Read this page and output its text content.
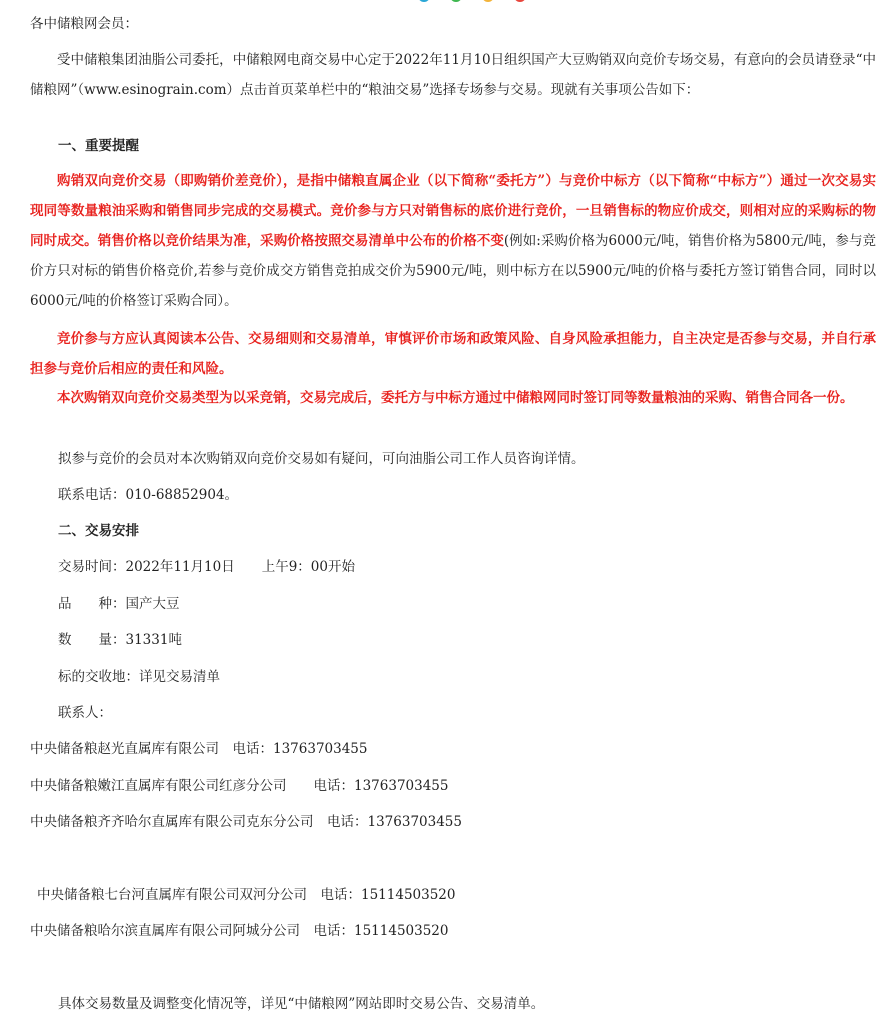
各中储粮网会员：

受中储粮集团油脂公司委托，中储粮网电商交易中心定于2022年11月10日组织国产大豆购销双向竞价专场交易，有意向的会员请登录“中储粮网”（www.esinograin.com）点击首页菜单栏中的“粮油交易”选择专场参与交易。现就有关事项公告如下：

一、重要提醒

购销双向竞价交易（即购销价差竞价），是指中储粮直属企业（以下简称“委托方”）与竞价中标方（以下简称“中标方”）通过一次交易实现同等数量粮油采购和销售同步完成的交易模式。竞价参与方只对销售标的底价进行竞价，一旦销售标的物应价成交，则相对应的采购标的物同时成交。销售价格以竞价结果为准，采购价格按照交易清单中公布的价格不变(例如:采购价格为6000元/吨，销售价格为5800元/吨，参与竞价方只对标的销售价格竞价,若参与竞价成交方销售竞拍成交价为5900元/吨，则中标方在以5900元/吨的价格与委托方签订销售合同，同时以6000元/吨的价格签订采购合同）。

竞价参与方应认真阅读本公告、交易细则和交易清单，审慎评价市场和政策风险、自身风险承担能力，自主决定是否参与交易，并自行承担参与竞价后相应的责任和风险。

本次购销双向竞价交易类型为以采竞销，交易完成后，委托方与中标方通过中储粮网同时签订同等数量粮油的采购、销售合同各一份。

拟参与竞价的会员对本次购销双向竞价交易如有疑问，可向油脂公司工作人员咨询详情。

联系电话：010-68852904。

二、交易安排

交易时间：2022年11月10日　　上午9：00开始

品　　种：国产大豆

数　　量：31331吨

标的交收地：详见交易清单

联系人：

中央储备粮赵光直属库有限公司　电话：13763703455

中央储备粮嫩江直属库有限公司红彦分公司　　电话：13763703455

中央储备粮齐齐哈尔直属库有限公司克东分公司　电话：13763703455

中央储备粮七台河直属库有限公司双河分公司　电话：15114503520

中央储备粮哈尔滨直属库有限公司阿城分公司　电话：15114503520

具体交易数量及调整变化情况等，详见“中储粮网”网站即时交易公告、交易清单。
